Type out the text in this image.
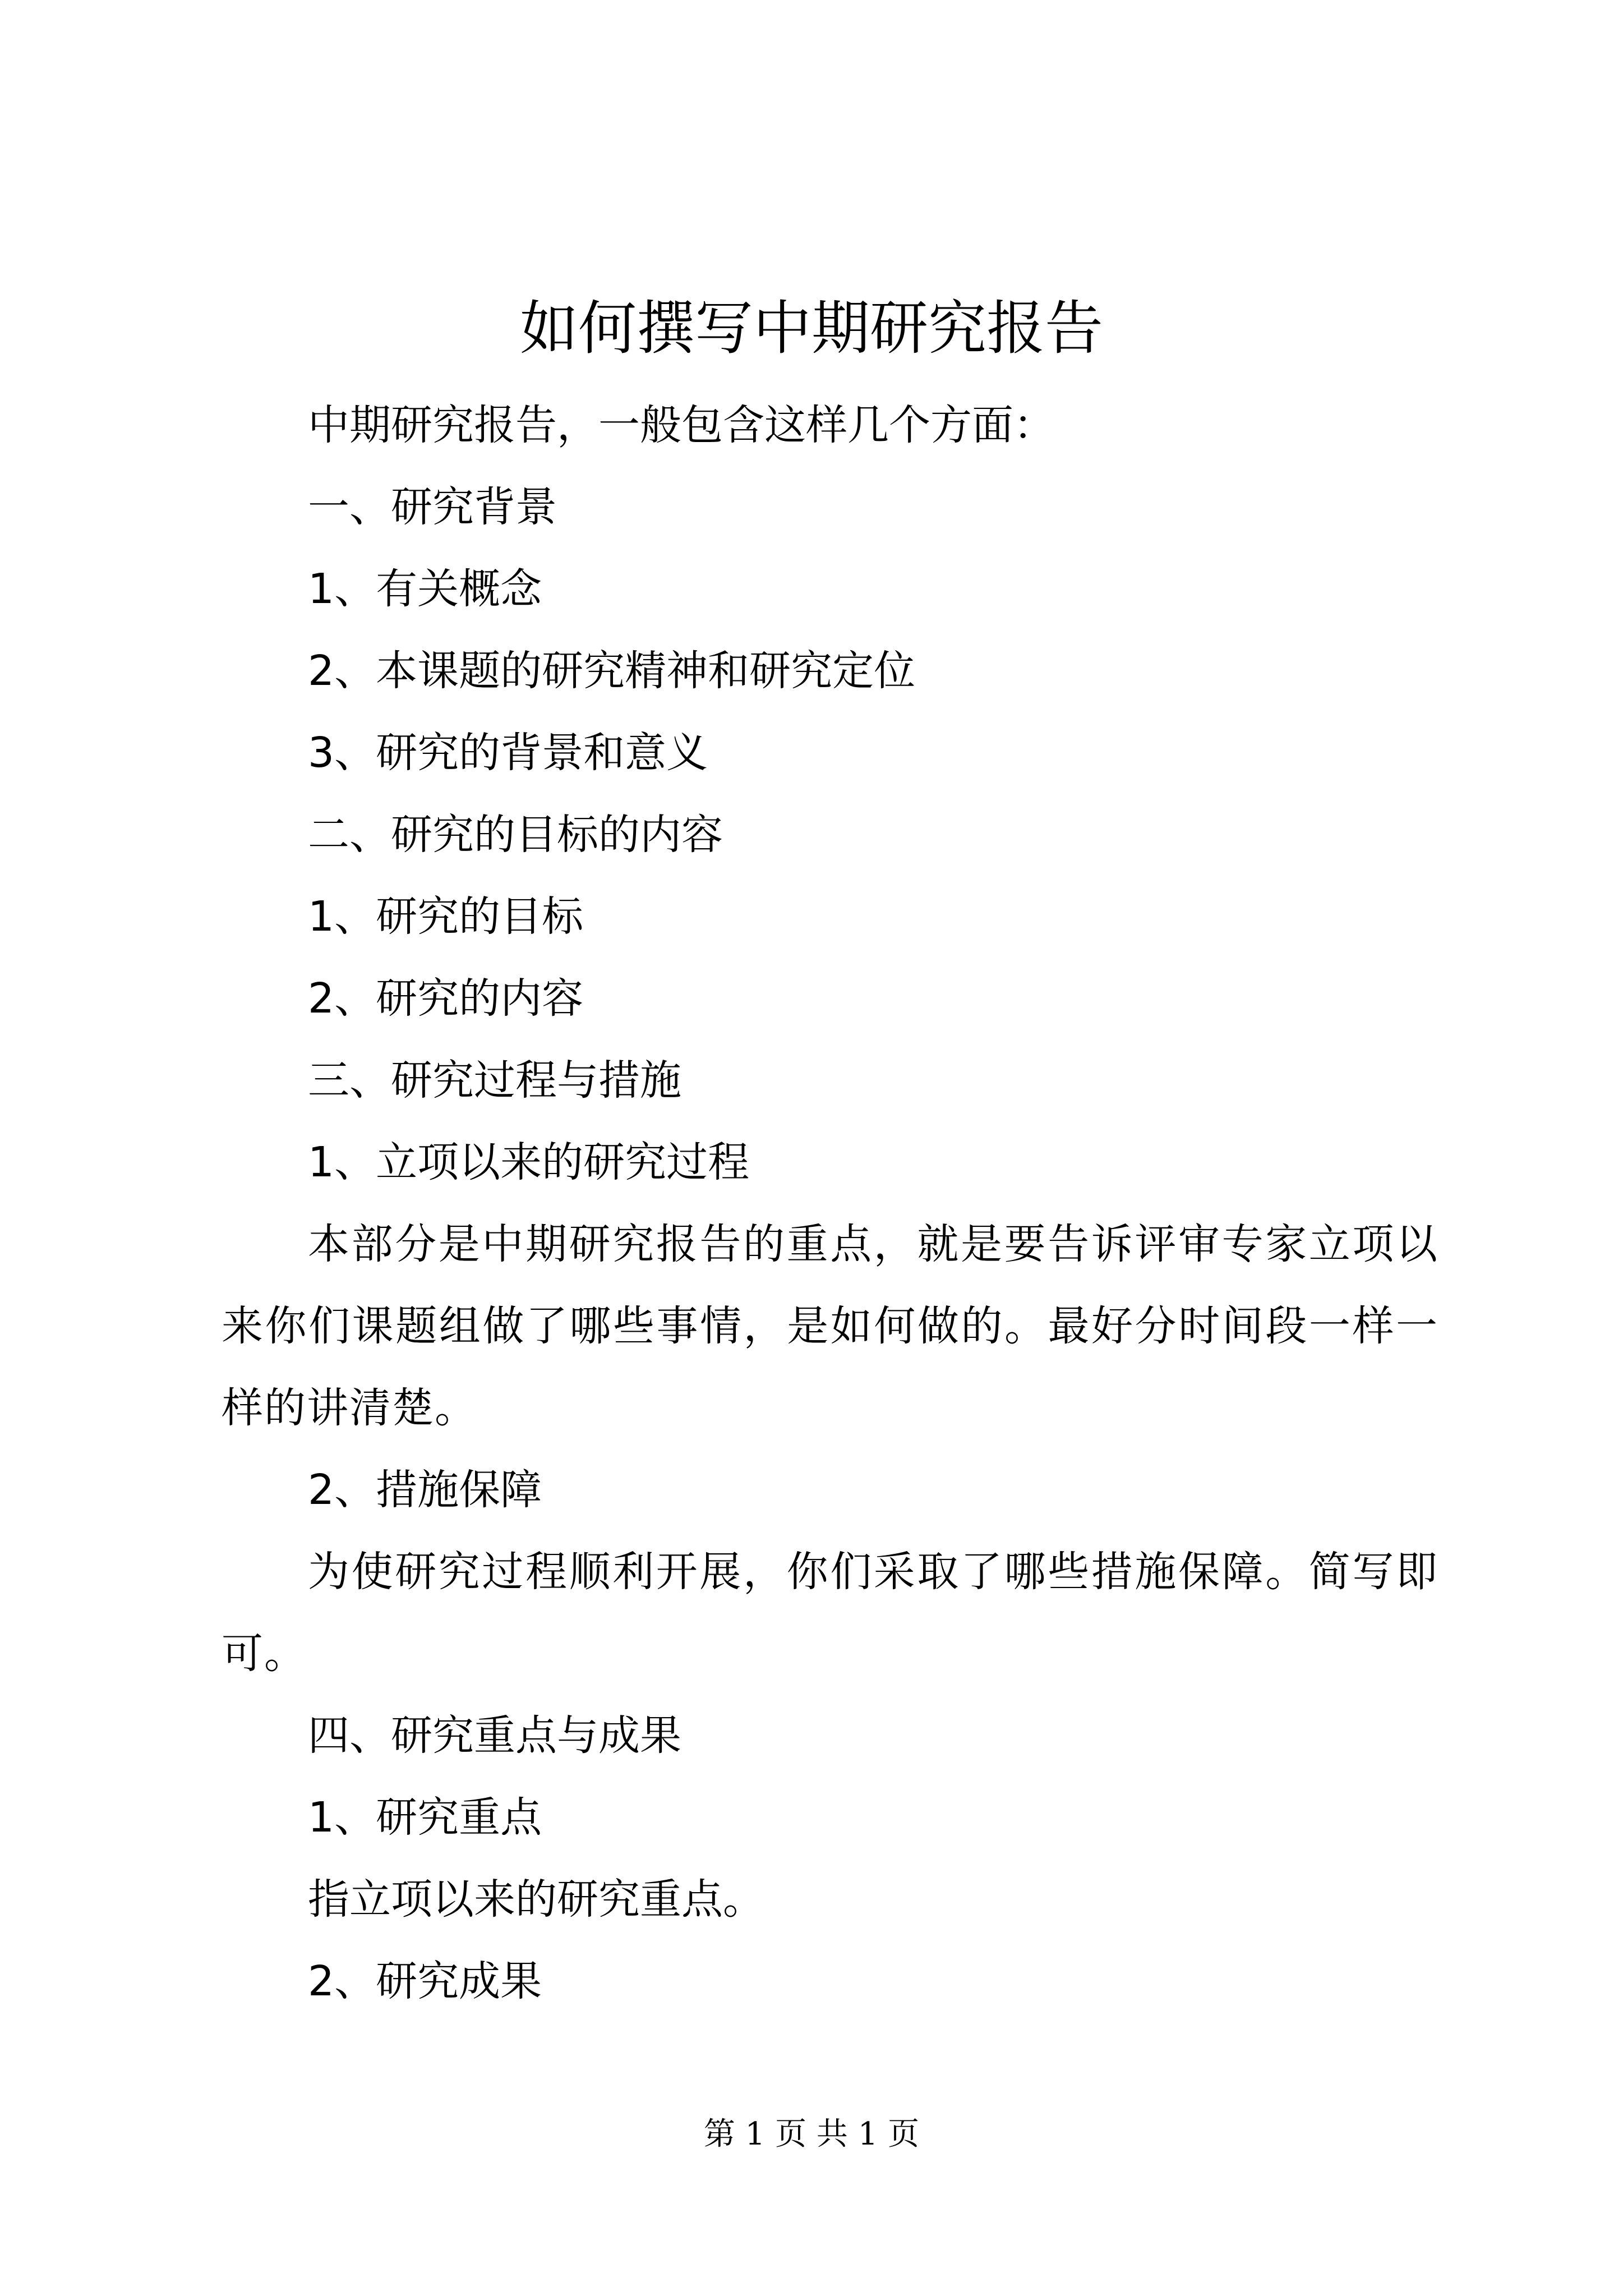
如何撰写中期研究报告

中期研究报告，一般包含这样几个方面：

一、研究背景

1、有关概念

2、本课题的研究精神和研究定位

3、研究的背景和意义

二、研究的目标的内容

1、研究的目标

2、研究的内容

三、研究过程与措施

1、立项以来的研究过程

本部分是中期研究报告的重点，就是要告诉评审专家立项以来你们课题组做了哪些事情，是如何做的。最好分时间段一样一样的讲清楚。

2、措施保障

为使研究过程顺利开展，你们采取了哪些措施保障。简写即可。

四、研究重点与成果

1、研究重点

指立项以来的研究重点。

2、研究成果

第 1 页 共 1 页
